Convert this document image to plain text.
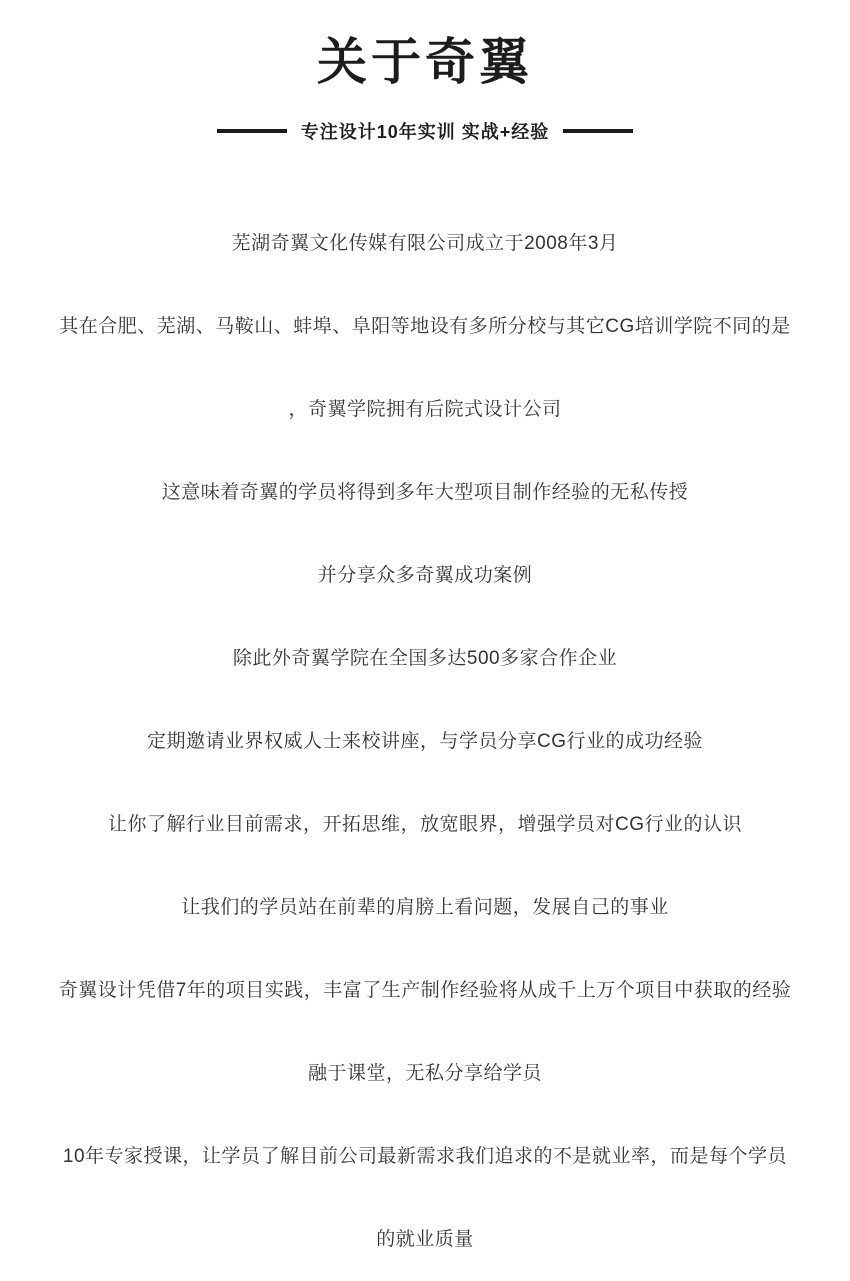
关于奇翼
专注设计10年实训 实战+经验

芜湖奇翼文化传媒有限公司成立于2008年3月

其在合肥、芜湖、马鞍山、蚌埠、阜阳等地设有多所分校与其它CG培训学院不同的是

，奇翼学院拥有后院式设计公司

这意味着奇翼的学员将得到多年大型项目制作经验的无私传授

并分享众多奇翼成功案例

除此外奇翼学院在全国多达500多家合作企业

定期邀请业界权威人士来校讲座，与学员分享CG行业的成功经验

让你了解行业目前需求，开拓思维，放宽眼界，增强学员对CG行业的认识

让我们的学员站在前辈的肩膀上看问题，发展自己的事业

奇翼设计凭借7年的项目实践，丰富了生产制作经验将从成千上万个项目中获取的经验

融于课堂，无私分享给学员

10年专家授课，让学员了解目前公司最新需求我们追求的不是就业率，而是每个学员

的就业质量
